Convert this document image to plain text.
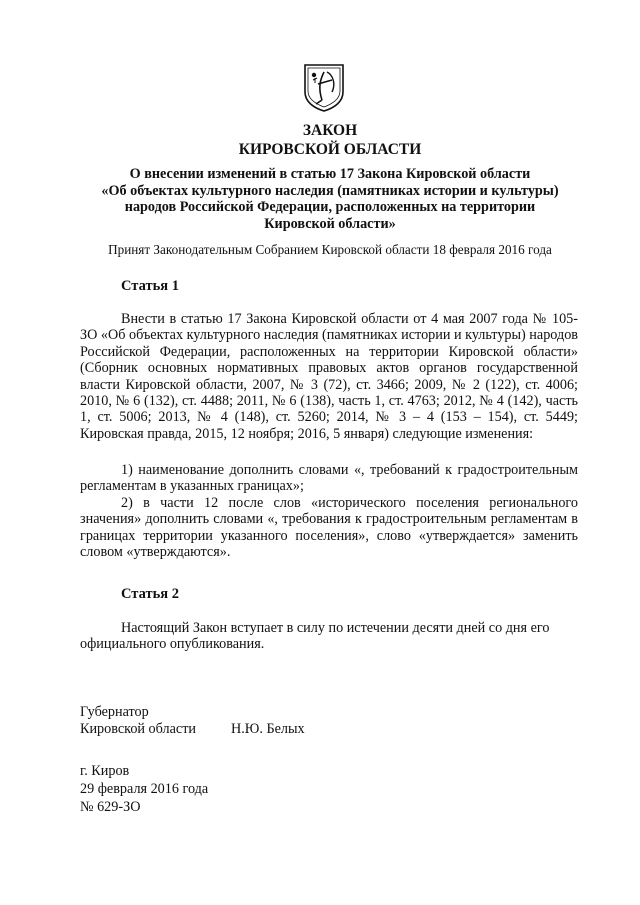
ЗАКОН
КИРОВСКОЙ ОБЛАСТИ
О внесении изменений в статью 17 Закона Кировской области
«Об объектах культурного наследия (памятниках истории и культуры)
народов Российской Федерации, расположенных на территории
Кировской области»
Принят Законодательным Собранием Кировской области 18 февраля 2016 года
Статья 1
Внести в статью 17 Закона Кировской области от 4 мая 2007 года № 105-ЗО «Об объектах культурного наследия (памятниках истории и культуры) народов Российской Федерации, расположенных на территории Кировской области» (Сборник основных нормативных правовых актов органов государственной власти Кировской области, 2007, № 3 (72), ст. 3466; 2009, № 2 (122), ст. 4006; 2010, № 6 (132), ст. 4488; 2011, № 6 (138), часть 1, ст. 4763; 2012, № 4 (142), часть 1, ст. 5006; 2013, № 4 (148), ст. 5260; 2014, № 3 – 4 (153 – 154), ст. 5449; Кировская правда, 2015, 12 ноября; 2016, 5 января) следующие изменения:
1) наименование дополнить словами «, требований к градостроительным регламентам в указанных границах»;
2) в части 12 после слов «исторического поселения регионального значения» дополнить словами «, требования к градостроительным регламентам в границах территории указанного поселения», слово «утверждается» заменить словом «утверждаются».
Статья 2
Настоящий Закон вступает в силу по истечении десяти дней со дня его официального опубликования.
Губернатор
Кировской области Н.Ю. Белых
г. Киров
29 февраля 2016 года
№ 629-ЗО
